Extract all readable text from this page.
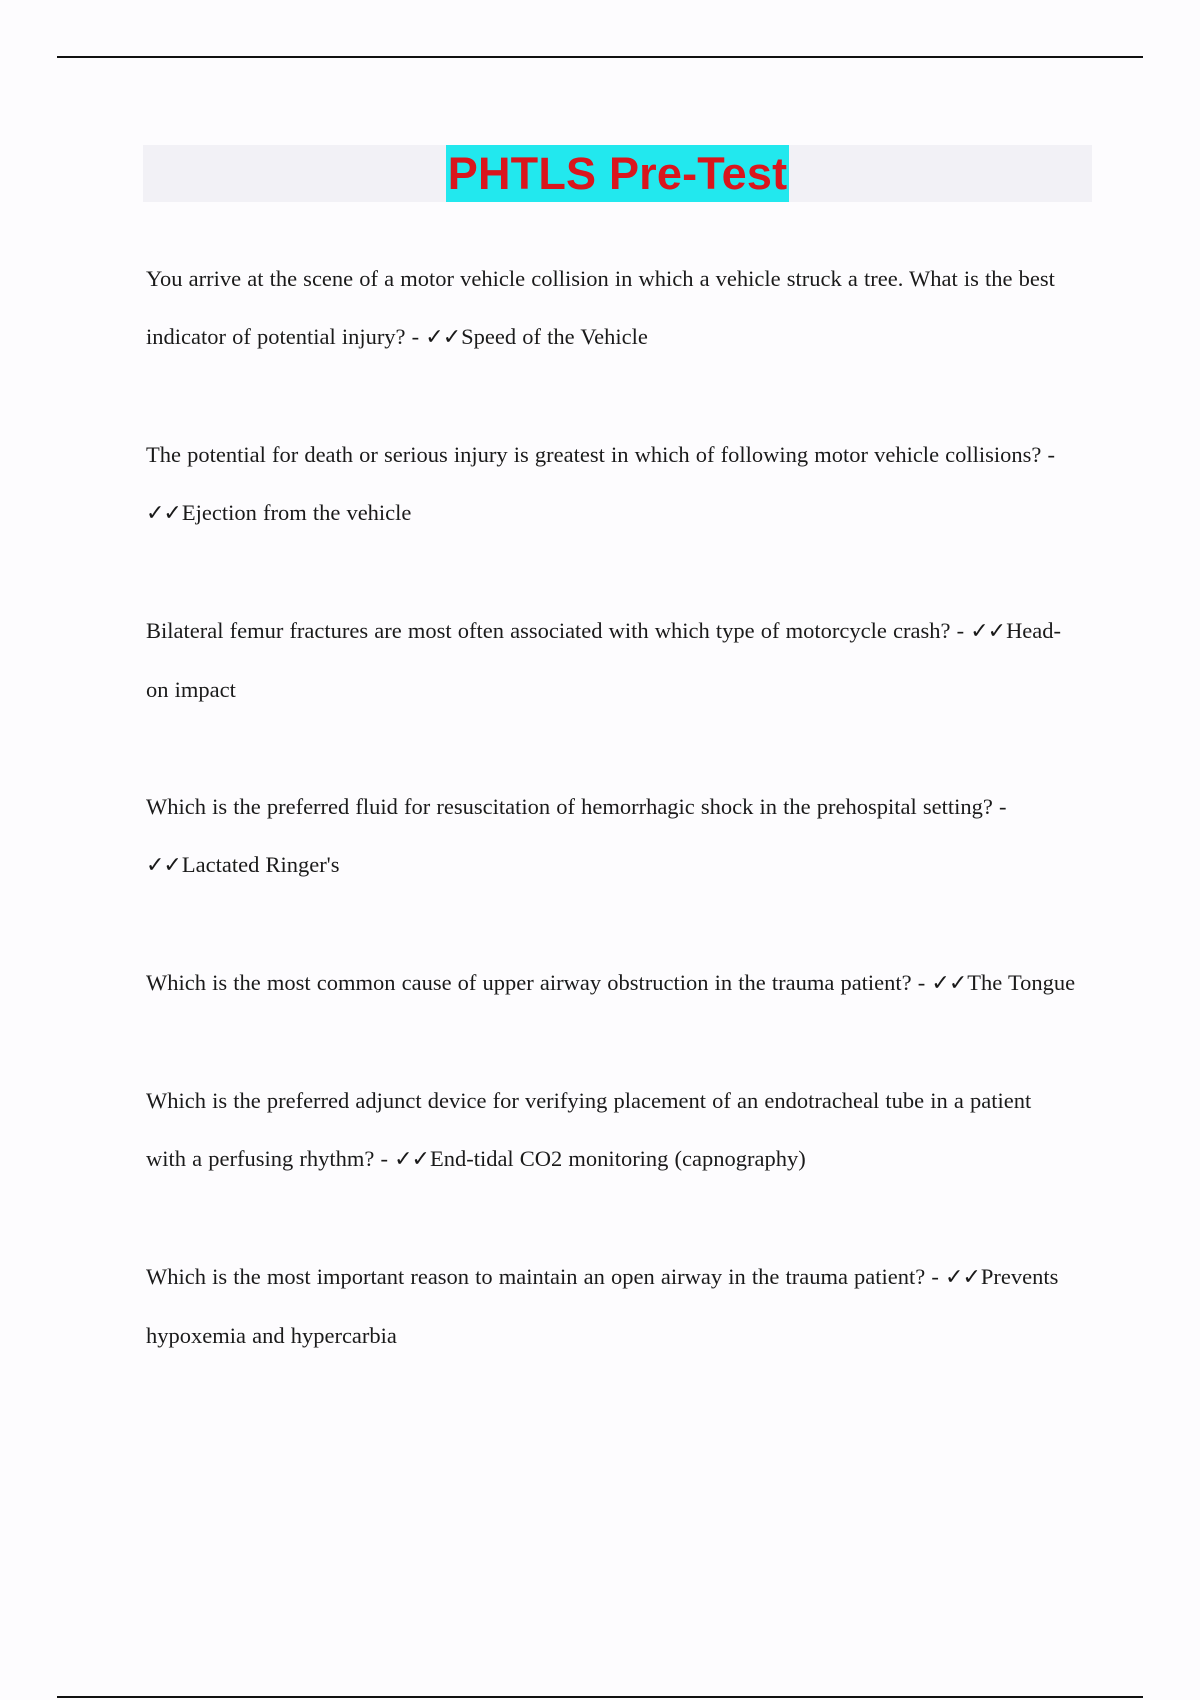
PHTLS Pre-Test

You arrive at the scene of a motor vehicle collision in which a vehicle struck a tree. What is the best indicator of potential injury? - ✓✓Speed of the Vehicle

The potential for death or serious injury is greatest in which of following motor vehicle collisions? - ✓✓Ejection from the vehicle

Bilateral femur fractures are most often associated with which type of motorcycle crash? - ✓✓Head-on impact

Which is the preferred fluid for resuscitation of hemorrhagic shock in the prehospital setting? - ✓✓Lactated Ringer's

Which is the most common cause of upper airway obstruction in the trauma patient? - ✓✓The Tongue

Which is the preferred adjunct device for verifying placement of an endotracheal tube in a patient with a perfusing rhythm? - ✓✓End-tidal CO2 monitoring (capnography)

Which is the most important reason to maintain an open airway in the trauma patient? - ✓✓Prevents hypoxemia and hypercarbia
